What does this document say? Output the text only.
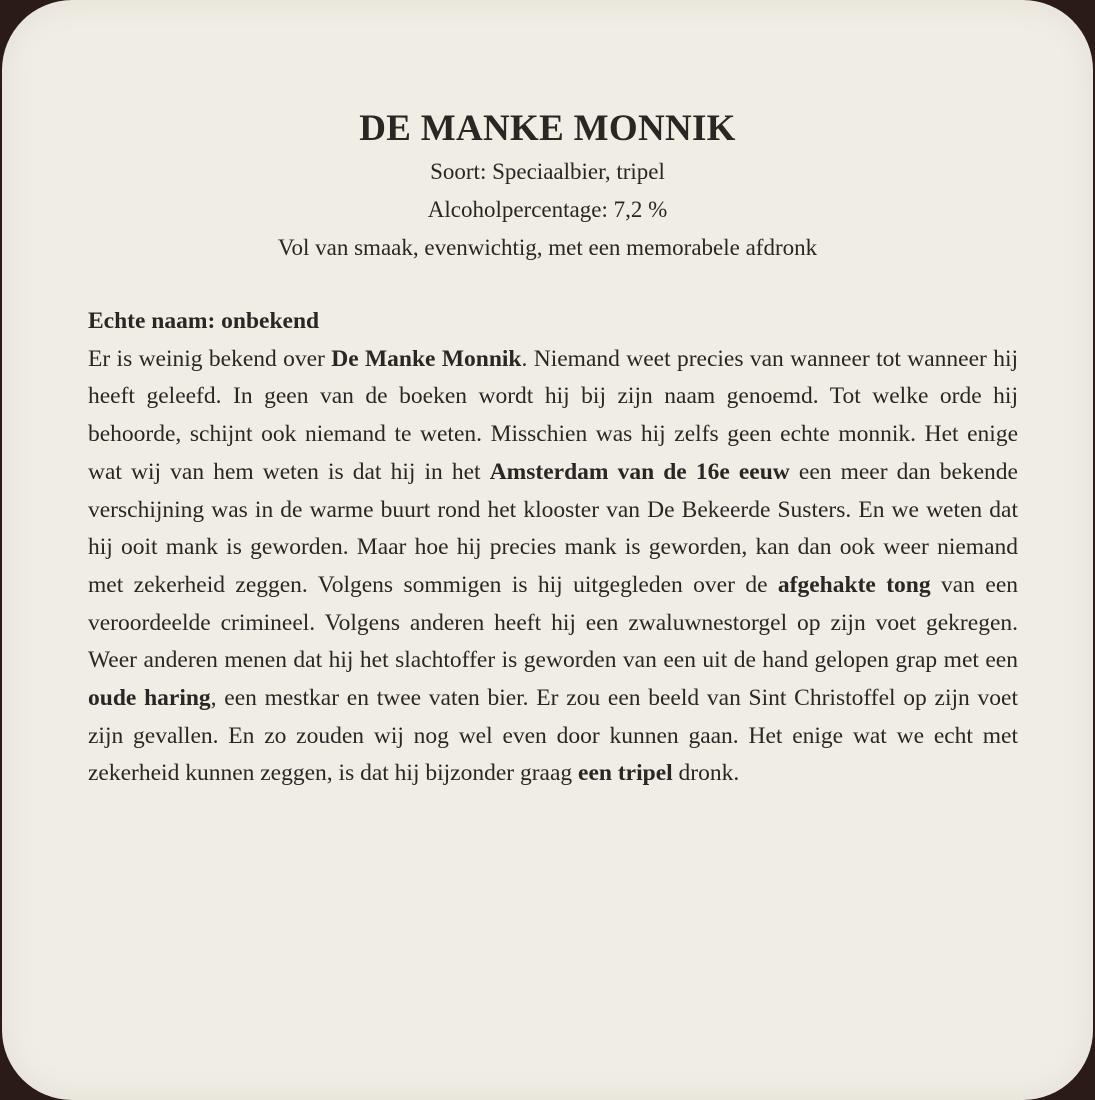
DE MANKE MONNIK

Soort: Speciaalbier, tripel

Alcoholpercentage: 7,2 %

Vol van smaak, evenwichtig, met een memorabele afdronk

Echte naam: onbekend

Er is weinig bekend over De Manke Monnik. Niemand weet precies van wanneer tot wanneer hij heeft geleefd. In geen van de boeken wordt hij bij zijn naam genoemd. Tot welke orde hij behoorde, schijnt ook niemand te weten. Misschien was hij zelfs geen echte monnik. Het enige wat wij van hem weten is dat hij in het Amsterdam van de 16e eeuw een meer dan bekende verschijning was in de warme buurt rond het klooster van De Bekeerde Susters. En we weten dat hij ooit mank is geworden. Maar hoe hij precies mank is geworden, kan dan ook weer niemand met zekerheid zeggen. Volgens sommigen is hij uitgegleden over de afgehakte tong van een veroordeelde crimineel. Volgens anderen heeft hij een zwaluwnestorgel op zijn voet gekregen. Weer anderen menen dat hij het slachtoffer is geworden van een uit de hand gelopen grap met een oude haring, een mestkar en twee vaten bier. Er zou een beeld van Sint Christoffel op zijn voet zijn gevallen. En zo zouden wij nog wel even door kunnen gaan. Het enige wat we echt met zekerheid kunnen zeggen, is dat hij bijzonder graag een tripel dronk.
